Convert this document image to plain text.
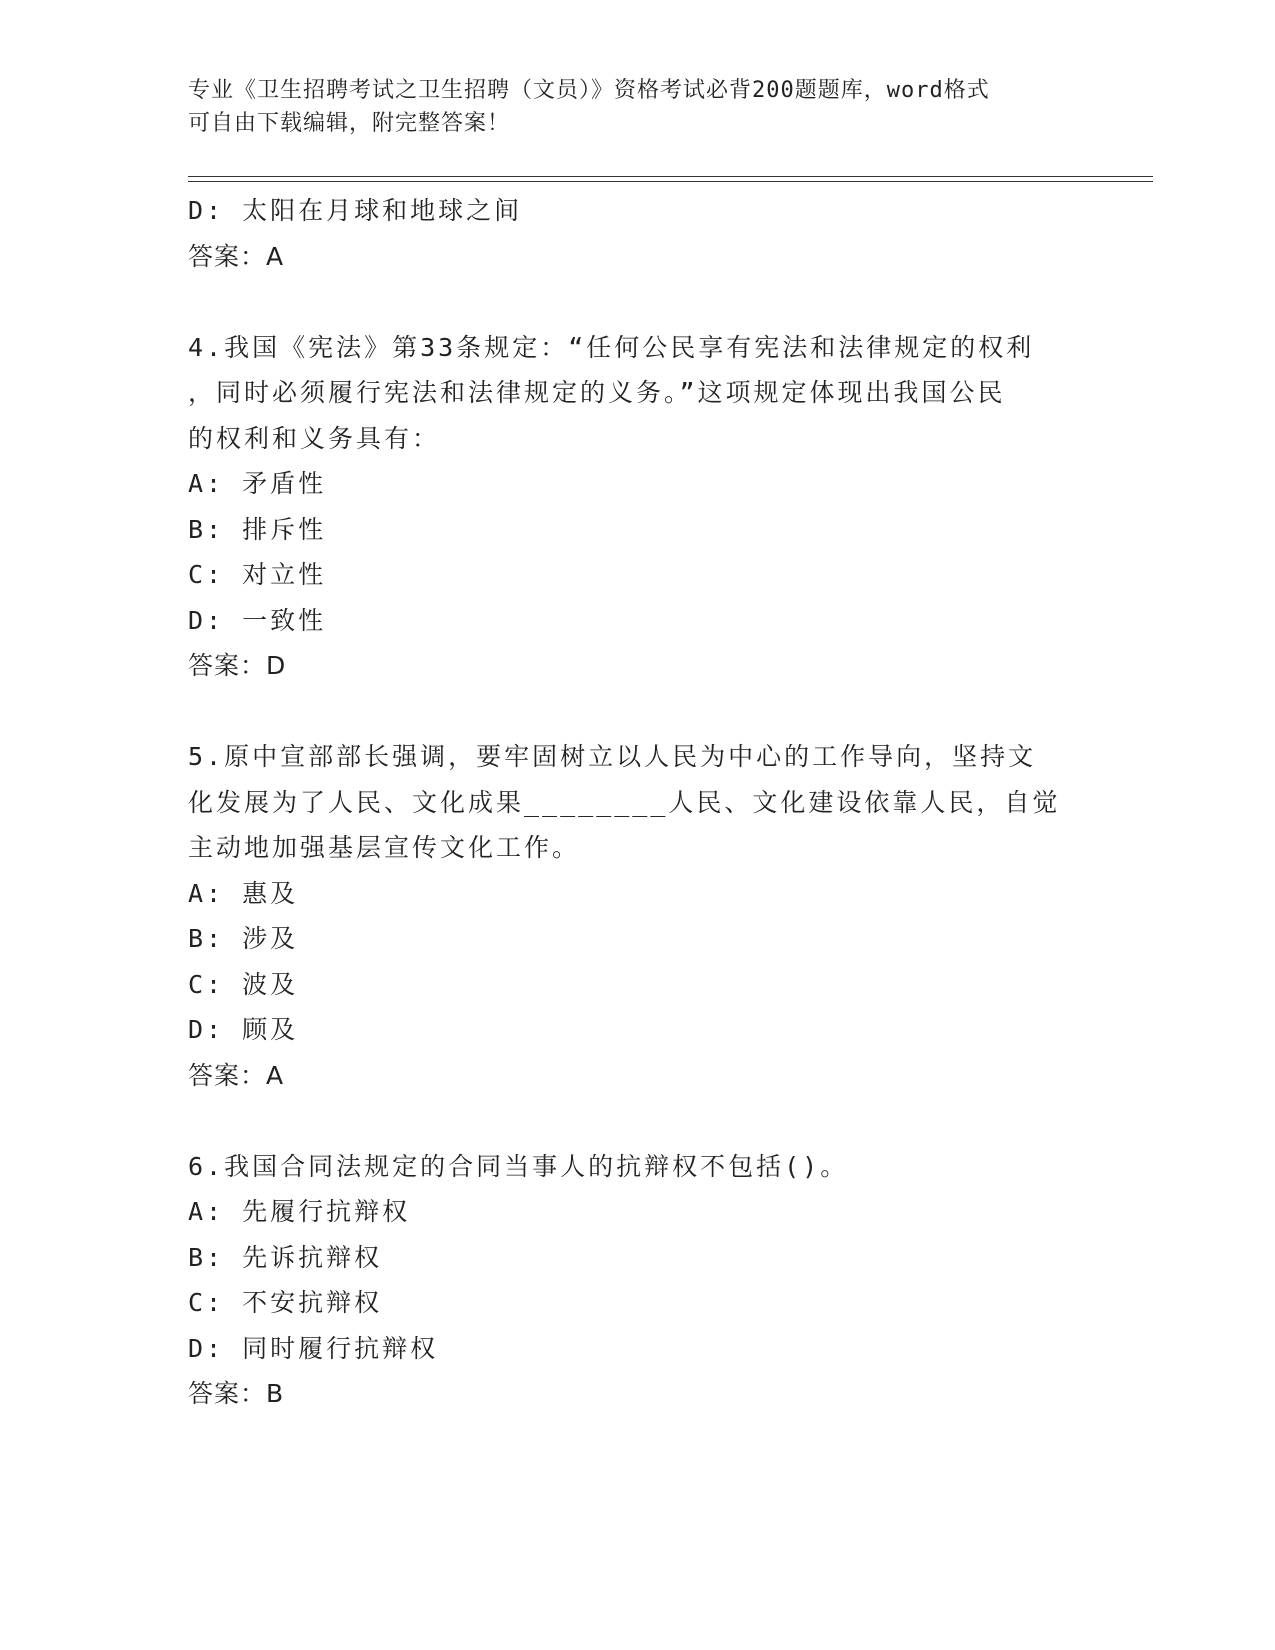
专业《卫生招聘考试之卫生招聘（文员）》资格考试必背200题题库，word格式
可自由下载编辑，附完整答案！
D: 太阳在月球和地球之间
答案：A
4.我国《宪法》第33条规定：“任何公民享有宪法和法律规定的权利
，同时必须履行宪法和法律规定的义务。”这项规定体现出我国公民
的权利和义务具有：
A: 矛盾性
B: 排斥性
C: 对立性
D: 一致性
答案：D
5.原中宣部部长强调，要牢固树立以人民为中心的工作导向，坚持文
化发展为了人民、文化成果________人民、文化建设依靠人民，自觉
主动地加强基层宣传文化工作。
A: 惠及
B: 涉及
C: 波及
D: 顾及
答案：A
6.我国合同法规定的合同当事人的抗辩权不包括()。
A: 先履行抗辩权
B: 先诉抗辩权
C: 不安抗辩权
D: 同时履行抗辩权
答案：B
